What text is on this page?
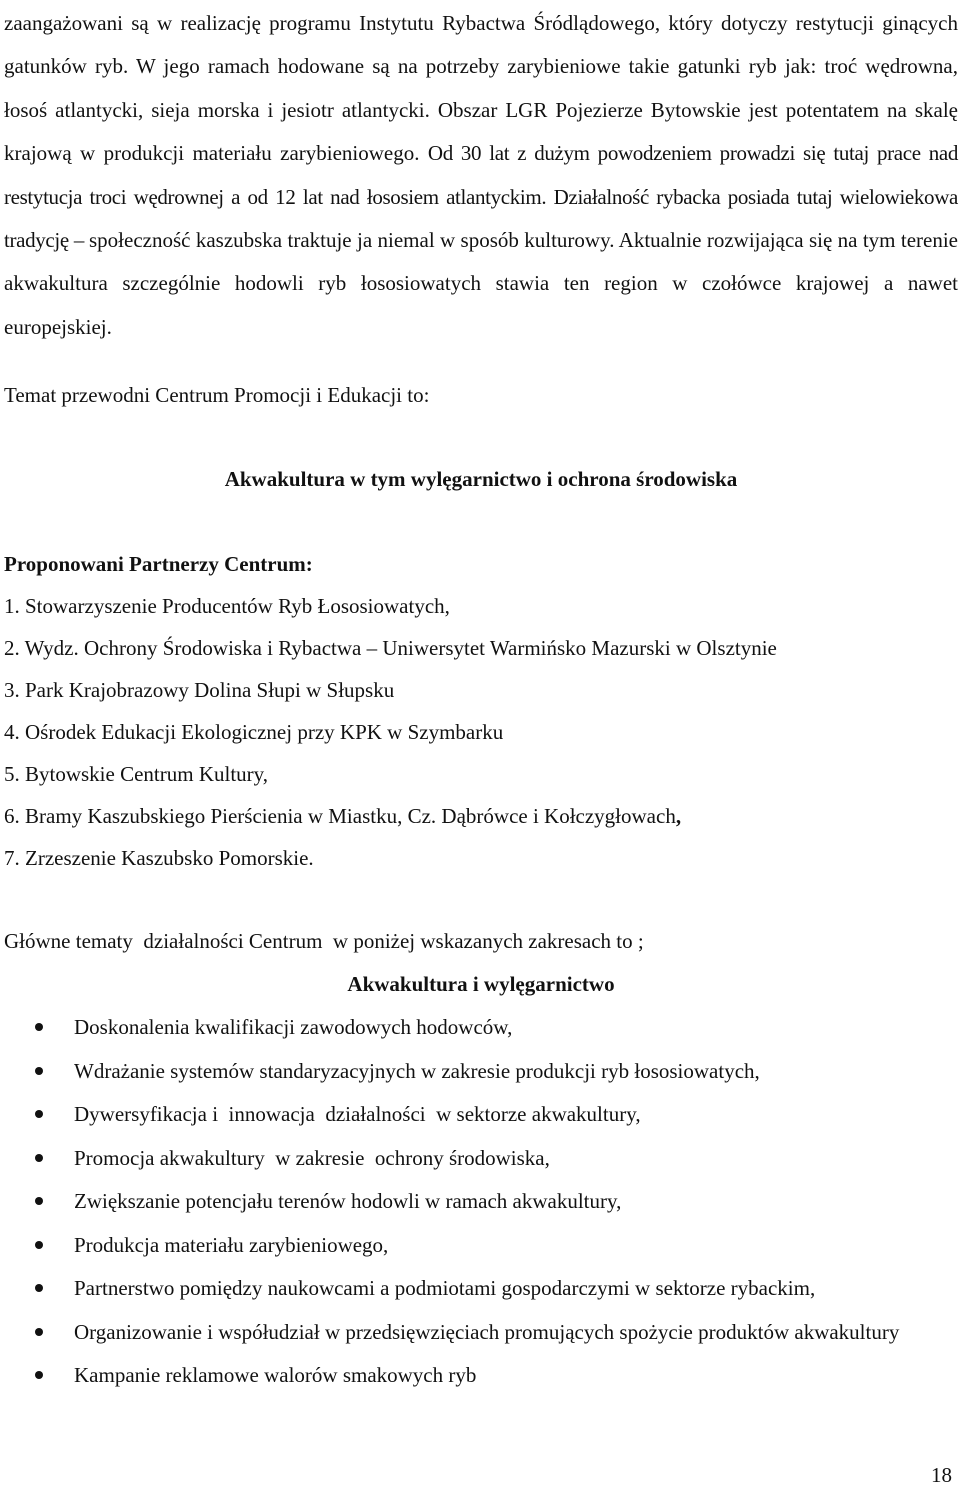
zaangażowani są w realizację programu Instytutu Rybactwa Śródlądowego, który dotyczy restytucji ginących gatunków ryb. W jego ramach hodowane są na potrzeby zarybieniowe takie gatunki ryb jak: troć wędrowna, łosoś atlantycki, sieja morska i jesiotr atlantycki. Obszar LGR Pojezierze Bytowskie jest potentatem na skalę krajową w produkcji materiału zarybieniowego. Od 30 lat z dużym powodzeniem prowadzi się tutaj prace nad restytucja troci wędrownej a od 12 lat nad łososiem atlantyckim. Działalność rybacka posiada tutaj wielowiekowa tradycję – społeczność kaszubska traktuje ja niemal w sposób kulturowy. Aktualnie rozwijająca się na tym terenie akwakultura szczególnie hodowli ryb łososiowatych stawia ten region w czołówce krajowej a nawet europejskiej.

Temat przewodni Centrum Promocji i Edukacji to:

Akwakultura w tym wylęgarnictwo i ochrona środowiska

Proponowani Partnerzy Centrum:

1. Stowarzyszenie Producentów Ryb Łososiowatych,
2. Wydz. Ochrony Środowiska i Rybactwa – Uniwersytet Warmińsko Mazurski w Olsztynie
3. Park Krajobrazowy Dolina Słupi w Słupsku
4. Ośrodek Edukacji Ekologicznej przy KPK w Szymbarku
5. Bytowskie Centrum Kultury,
6. Bramy Kaszubskiego Pierścienia w Miastku, Cz. Dąbrówce i Kołczygłowach,
7. Zrzeszenie Kaszubsko Pomorskie.

Główne tematy  działalności Centrum  w poniżej wskazanych zakresach to ;

Akwakultura i wylęgarnictwo

Doskonalenia kwalifikacji zawodowych hodowców,
Wdrażanie systemów standaryzacyjnych w zakresie produkcji ryb łososiowatych,
Dywersyfikacja i  innowacja  działalności  w sektorze akwakultury,
Promocja akwakultury  w zakresie  ochrony środowiska,
Zwiększanie potencjału terenów hodowli w ramach akwakultury,
Produkcja materiału zarybieniowego,
Partnerstwo pomiędzy naukowcami a podmiotami gospodarczymi w sektorze rybackim,
Organizowanie i współudział w przedsięwzięciach promujących spożycie produktów akwakultury
Kampanie reklamowe walorów smakowych ryb

18
